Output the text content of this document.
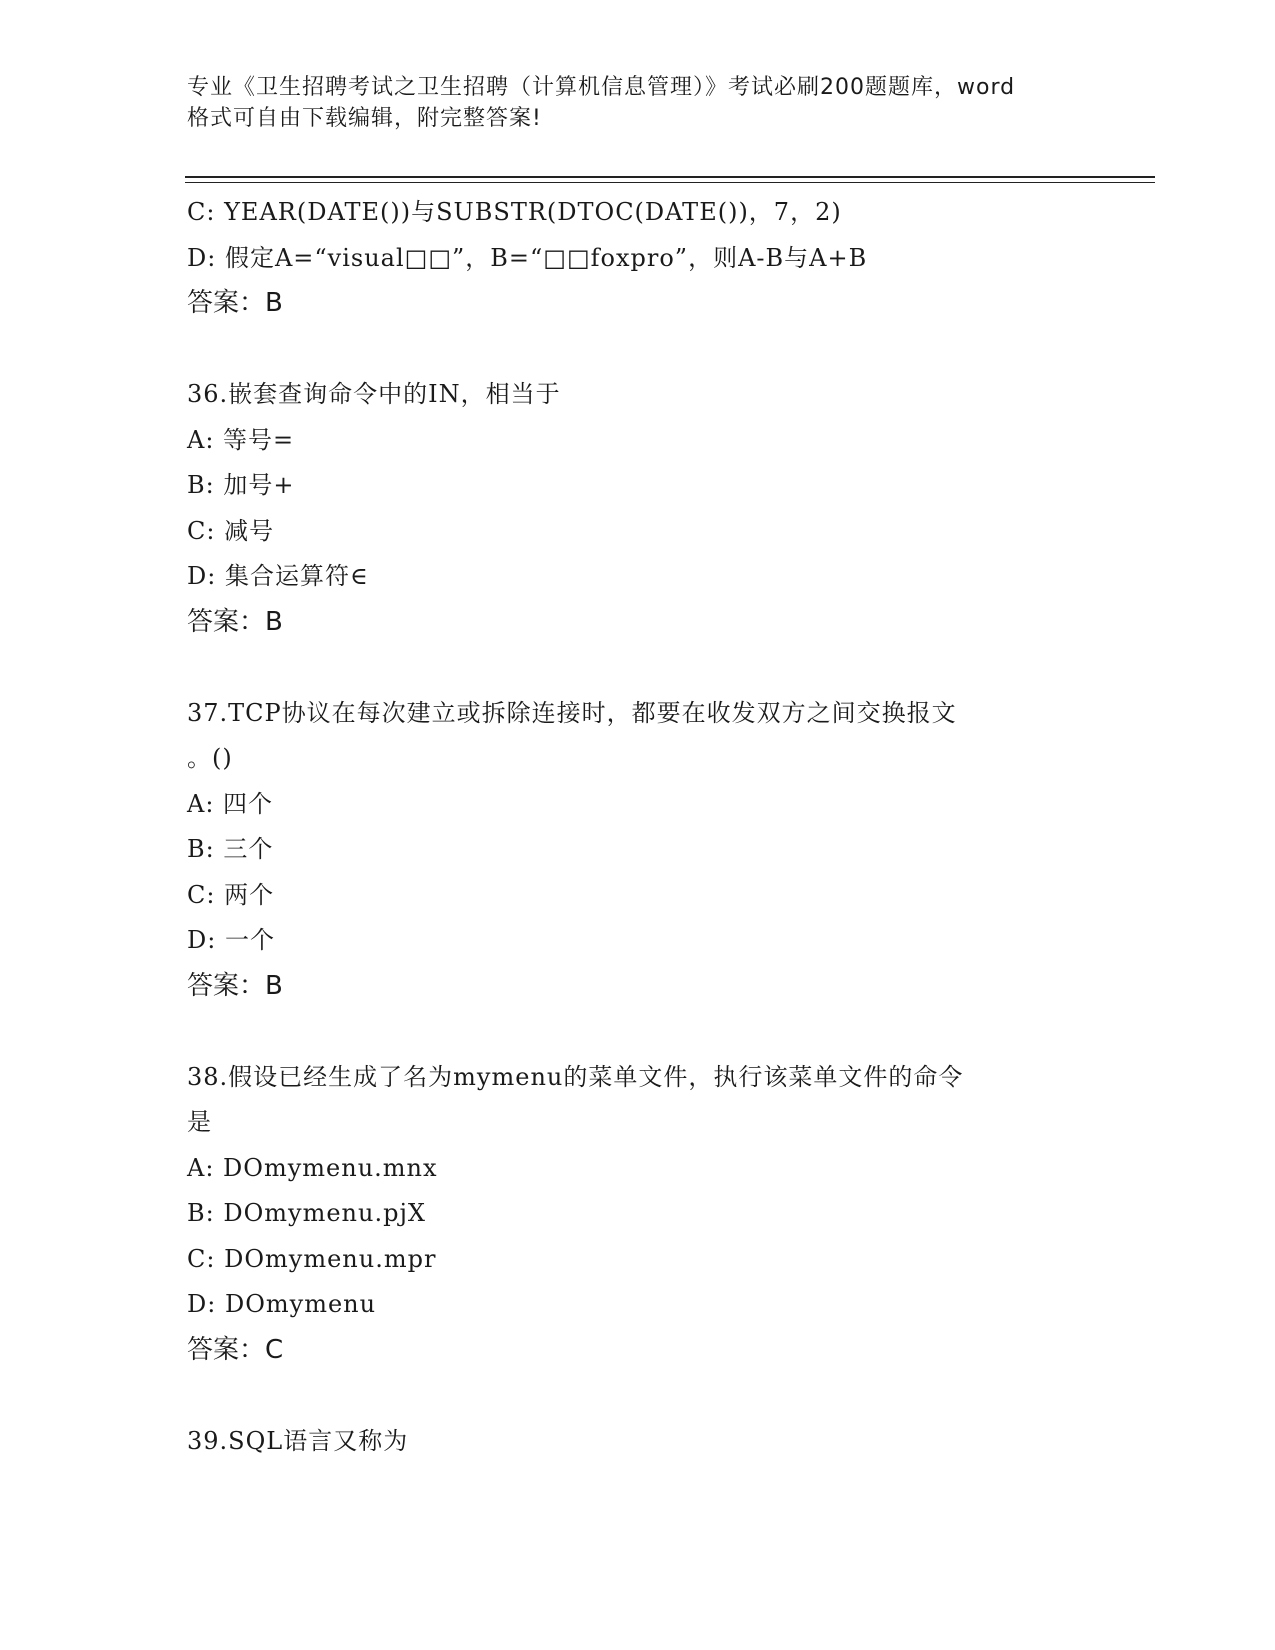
专业《卫生招聘考试之卫生招聘（计算机信息管理）》考试必刷200题题库，word
格式可自由下载编辑，附完整答案!
C: YEAR(DATE())与SUBSTR(DTOC(DATE())，7，2)
D: 假定A=“visual□□”，B=“□□foxpro”，则A-B与A+B
答案：B
36.嵌套查询命令中的IN，相当于
A: 等号=
B: 加号+
C: 减号
D: 集合运算符∈
答案：B
37.TCP协议在每次建立或拆除连接时，都要在收发双方之间交换报文
。()
A: 四个
B: 三个
C: 两个
D: 一个
答案：B
38.假设已经生成了名为mymenu的菜单文件，执行该菜单文件的命令
是
A: DOmymenu.mnx
B: DOmymenu.pjX
C: DOmymenu.mpr
D: DOmymenu
答案：C
39.SQL语言又称为
